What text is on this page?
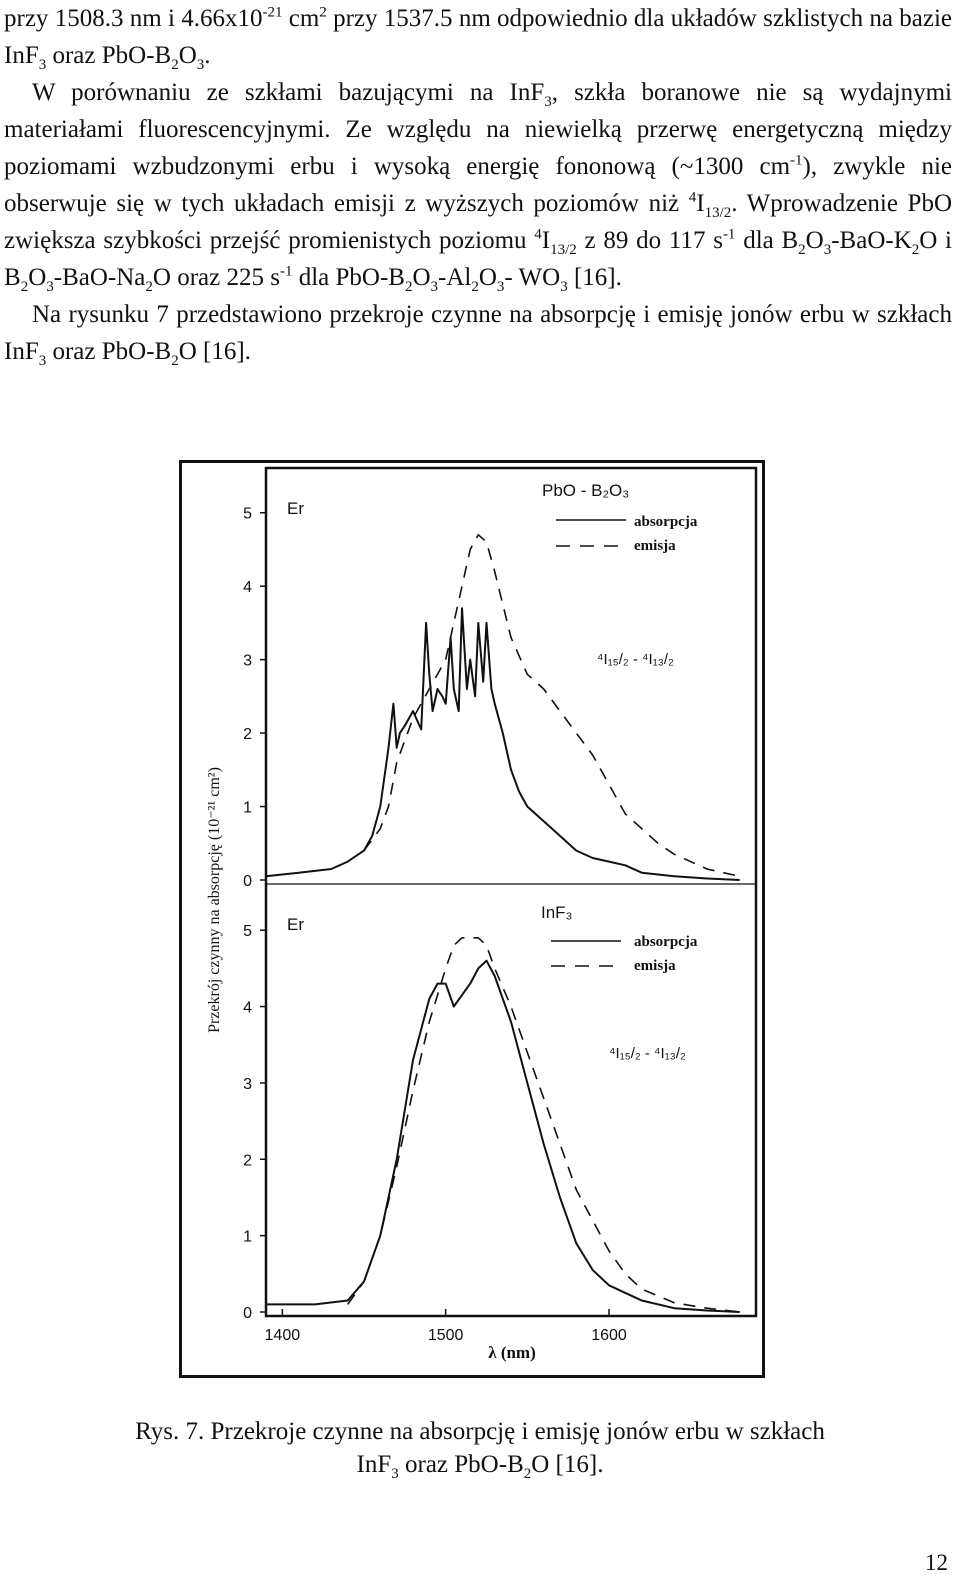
przy 1508.3 nm i $4.66x10^{-21}$ $cm^2$ przy 1537.5 nm odpowiednio dla układów szklistych na bazie InF$_3$ oraz PbO-$B_2O_3$.

W porównaniu ze szkłami bazującymi na InF$_3$, szkła boranowe nie są wydajnymi materiałami fluorescencyjnymi. Ze względu na niewielką przerwę energetyczną między poziomami wzbudzonymi erbu i wysoką energię fononową (~1300 $cm^{-1}$), zwykle nie obserwuje się w tych układach emisji z wyższych poziomów niż $^4I_{13/2}$. Wprowadzenie PbO zwiększa szybkości przejść promienistych poziomu $^4I_{13/2}$ z 89 do 117 $s^{-1}$ dla $B_2O_3-BaO-K_2O$ i $B_2O_3-BaO-Na_2O$ oraz 225 $s^{-1}$ dla PbO-$B_2O_3-Al_2O_3-$ $WO_3$ [16].

Na rysunku 7 przedstawiono przekroje czynne na absorpcję i emisję jonów erbu w szkłach InF$_3$ oraz PbO-$B_2O$ [16].

Przekrój czynny na absorpcję (10⁻²¹ cm²)
Er
PbO - B₂O₃
absorpcja
emisja
⁴I₁₅/₂ - ⁴I₁₃/₂
Er
InF₃
absorpcja
emisja
⁴I₁₅/₂ - ⁴I₁₃/₂
λ (nm)
0
1
2
3
4
5
0
1
2
3
4
5
1400	1500	1600
Rys. 7. Przekroje czynne na absorpcję i emisję jonów erbu w szkłach
InF$_3$ oraz PbO-$B_2O$ [16].
12
